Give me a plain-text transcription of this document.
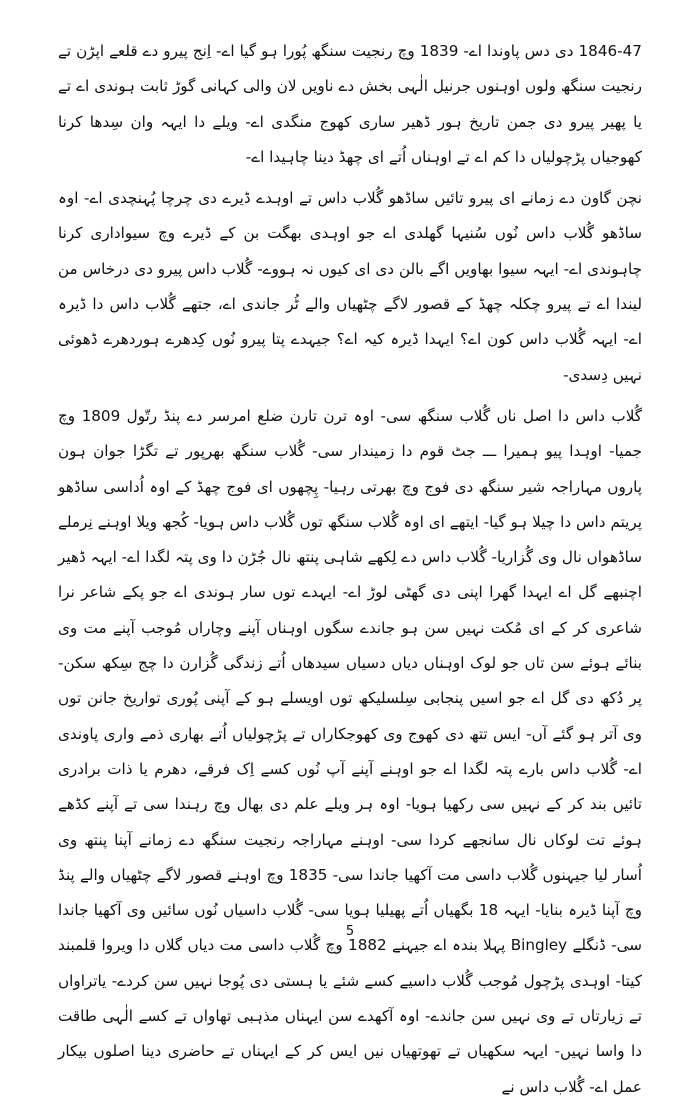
1846-47 دی دس پاوندا اے- 1839 وچ رنجیت سنگھ پُورا ہو گیا اے- اِنج پیرو دے قلعے اپڑن تے رنجیت سنگھ ولوں اوہنوں جرنیل الٰہی بخش دے ناویں لان والی کہانی گوڑ ثابت ہوندی اے تے یا پھیر پیرو دی جمن تاریخ ہور ڈھیر ساری کھوج منگدی اے- ویلے دا ایہہ وان سِدھا کرنا کھوجیاں پڑچولیاں دا کم اے تے اوہناں اُتے ای چھڈ دینا چاہیدا اے-

نچن گاون دے زمانے ای پیرو تائیں ساڈھو گُلاب داس تے اوہدے ڈیرے دی چرچا پُہنچدی اے- اوہ ساڈھو گُلاب داس نُوں سُنیہا گھلدی اے جو اوہدی بھگت بن کے ڈیرے وچ سیواداری کرنا چاہوندی اے- ایہہ سیوا بھاویں اگے بالن دی ای کیوں نہ ہووے- گُلاب داس پیرو دی درخاس من لیندا اے تے پیرو چکلہ چھڈ کے قصور لاگے چٹھیاں والے ٹُر جاندی اے، جتھے گُلاب داس دا ڈیرہ اے- ایہہ گُلاب داس کون اے؟ ایہدا ڈیرہ کیہ اے؟ جیہدے پتا پیرو نُوں کِدھرے ہوردھرے ڈھوئی نہیں دِسدی-

گُلاب داس دا اصل ناں گُلاب سنگھ سی- اوہ ترن تارن ضلع امرسر دے پنڈ رتّول 1809 وچ جمیا- اوہدا پیو ہمیرا ـــ جٹ قوم دا زمیندار سی- گُلاب سنگھ بھرپور تے تگڑا جوان ہون پاروں مہاراجہ شیر سنگھ دی فوج وچ بھرتی رہیا- پِچھوں ای فوج چھڈ کے اوہ اُداسی ساڈھو پریتم داس دا چیلا ہو گیا- ایتھے ای اوہ گُلاب سنگھ توں گُلاب داس ہویا- کُجھ ویلا اوہنے نِرملے ساڈھواں نال وی گُزاریا- گُلاب داس دے لِکھے شاہی پنتھ نال جُڑن دا وی پتہ لگدا اے- ایہہ ڈھیر اچنبھے گل اے ایہدا گھرا اپنی دی گھٹی لوڑ اے- ایہدے توں سار ہوندی اے جو پکے شاعر نرا شاعری کر کے ای مُکت نہیں سن ہو جاندے سگوں اوہناں آپنے وچاراں مُوجب آپنے مت وی بنائے ہوئے سن تاں جو لوک اوہناں دیاں دسیاں سیدھاں اُتے زندگی گُزارن دا چج سِکھ سکن- پر دُکھ دی گل اے جو اسیں پنجابی سِلسلیکھ توں اویسلے ہو کے آپنی پُوری تواریخ جانن توں وی آتر ہو گئے آں- ایس تتھ دی کھوج وی کھوجکاراں تے پڑچولیاں اُتے بھاری ذمے واری پاوندی اے- گُلاب داس بارے پتہ لگدا اے جو اوہنے آپنے آپ نُوں کسے اِک فرقے، دھرم یا ذات برادری تائیں بند کر کے نہیں سی رکھیا ہویا- اوہ ہر ویلے علم دی بھال وچ رہندا سی تے آپنے کڈھے ہوئے تت لوکاں نال سانجھے کردا سی- اوہنے مہاراجہ رنجیت سنگھ دے زمانے آپنا پنتھ وی اُسار لیا جیہنوں گُلاب داسی مت آکھیا جاندا سی- 1835 وچ اوہنے قصور لاگے چٹھیاں والے پنڈ وچ آپنا ڈیرہ بنایا- ایہہ 18 بگھیاں اُتے پھیلیا ہویا سی- گُلاب داسیاں نُوں سائیں وی آکھیا جاندا سی- ڈنگلے Bingley پہلا بندہ اے جیہنے 1882 وچ گُلاب داسی مت دیاں گلاں دا ویروا قلمبند کیتا- اوہدی پڑچول مُوجب گُلاب داسیے کسے شئے یا ہستی دی پُوجا نہیں سن کردے- یاتراواں تے زیارتاں تے وی نہیں سن جاندے- اوہ آکھدے سن ایہناں مذہبی تھاواں تے کسے الٰہی طاقت دا واسا نہیں- ایہہ سکھیاں تے تھوتھیاں نیں ایس کر کے ایہناں تے حاضری دینا اصلوں بیکار عمل اے- گُلاب داس نے

5
